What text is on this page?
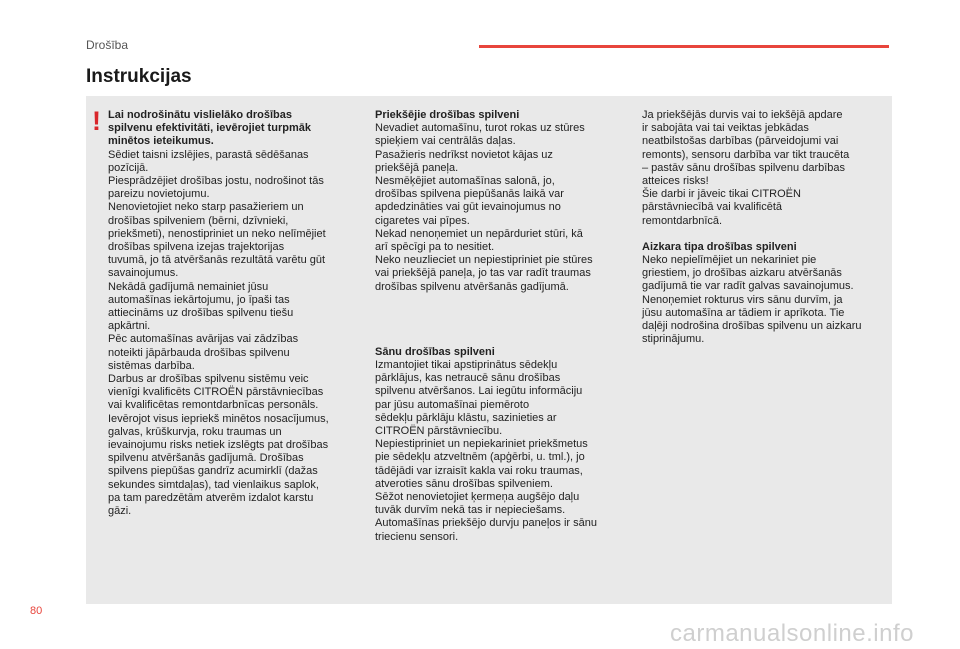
Drošība
Instrukcijas
! Lai nodrošinātu vislielāko drošības
spilvenu efektivitāti, ievērojiet turpmāk
minētos ieteikumus.

Sēdiet taisni izslējies, parastā sēdēšanas
pozīcijā.
Piesprādzējiet drošības jostu, nodrošinot tās
pareizu novietojumu.
Nenovietojiet neko starp pasažieriem un
drošības spilveniem (bērni, dzīvnieki,
priekšmeti), nenostipriniet un neko nelīmējiet
drošības spilvena izejas trajektorijas
tuvumā, jo tā atvēršanās rezultātā varētu gūt
savainojumus.
Nekādā gadījumā nemainiet jūsu
automašīnas iekārtojumu, jo īpaši tas
attiecināms uz drošības spilvenu tiešu
apkārtni.
Pēc automašīnas avārijas vai zādzības
noteikti jāpārbauda drošības spilvenu
sistēmas darbība.
Darbus ar drošības spilvenu sistēmu veic
vienīgi kvalificēts CITROËN pārstāvniecības
vai kvalificētas remontdarbnīcas personāls.
Ievērojot visus iepriekš minētos nosacījumus,
galvas, krūškurvja, roku traumas un
ievainojumu risks netiek izslēgts pat drošības
spilvenu atvēršanās gadījumā. Drošības
spilvens piepūšas gandrīz acumirklī (dažas
sekundes simtdaļas), tad vienlaikus saplok,
pa tam paredzētām atverēm izdalot karstu
gāzi.

Priekšējie drošības spilveni

Nevadiet automašīnu, turot rokas uz stūres
spieķiem vai centrālās daļas.
Pasažieris nedrīkst novietot kājas uz
priekšējā paneļa.
Nesmēķējiet automašīnas salonā, jo,
drošības spilvena piepūšanās laikā var
apdedzināties vai gūt ievainojumus no
cigaretes vai pīpes.
Nekad nenoņemiet un nepārduriet stūri, kā
arī spēcīgi pa to nesitiet.
Neko neuzlieciet un nepiestipriniet pie stūres
vai priekšējā paneļa, jo tas var radīt traumas
drošības spilvenu atvēršanās gadījumā.

Sānu drošības spilveni

Izmantojiet tikai apstiprinātus sēdekļu
pārklājus, kas netraucē sānu drošības
spilvenu atvēršanos. Lai iegūtu informāciju
par jūsu automašīnai piemēroto
sēdekļu pārklāju klāstu, sazinieties ar
CITROËN pārstāvniecību.
Nepiestipriniet un nepiekariniet priekšmetus
pie sēdekļu atzveltnēm (apģērbi, u. tml.), jo
tādējādi var izraisīt kakla vai roku traumas,
atveroties sānu drošības spilveniem.
Sēžot nenovietojiet ķermeņa augšējo daļu
tuvāk durvīm nekā tas ir nepieciešams.
Automašīnas priekšējo durvju paneļos ir sānu
triecienu sensori.

Ja priekšējās durvis vai to iekšējā apdare
ir sabojāta vai tai veiktas jebkādas
neatbilstošas darbības (pārveidojumi vai
remonts), sensoru darbība var tikt traucēta
– pastāv sānu drošības spilvenu darbības
atteices risks!
Šie darbi ir jāveic tikai CITROËN
pārstāvniecībā vai kvalificētā
remontdarbnīcā.

Aizkara tipa drošības spilveni

Neko nepielīmējiet un nekariniet pie
griestiem, jo drošības aizkaru atvēršanās
gadījumā tie var radīt galvas savainojumus.
Nenoņemiet rokturus virs sānu durvīm, ja
jūsu automašīna ar tādiem ir aprīkota. Tie
daļēji nodrošina drošības spilvenu un aizkaru
stiprinājumu.

80
carmanualsonline.info
